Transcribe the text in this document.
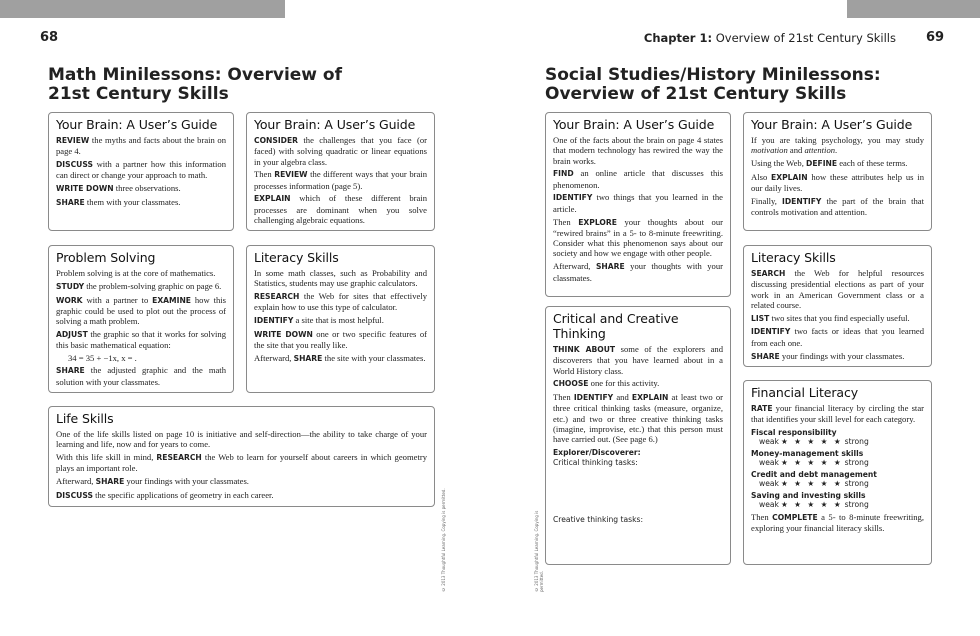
68
Math Minilessons: Overview of
21st Century Skills
Your Brain: A User’s Guide

REVIEW the myths and facts about the brain on page 4.

DISCUSS with a partner how this information can direct or change your approach to math.

WRITE DOWN three observations.

SHARE them with your classmates.

Your Brain: A User’s Guide

CONSIDER the challenges that you face (or faced) with solving quadratic or linear equations in your algebra class.

Then REVIEW the different ways that your brain processes information (page 5).

EXPLAIN which of these different brain processes are dominant when you solve challenging algebraic equations.

Problem Solving

Problem solving is at the core of mathematics.

STUDY the problem-solving graphic on page 6.

WORK with a partner to EXAMINE how this graphic could be used to plot out the process of solving a math problem.

ADJUST the graphic so that it works for solving this basic mathematical equation:

34 = 35 + −1x, x = .

SHARE the adjusted graphic and the math solution with your classmates.

Literacy Skills

In some math classes, such as Probability and Statistics, students may use graphic calculators.

RESEARCH the Web for sites that effectively explain how to use this type of calculator.

IDENTIFY a site that is most helpful.

WRITE DOWN one or two specific features of the site that you really like.

Afterward, SHARE the site with your classmates.

Life Skills

One of the life skills listed on page 10 is initiative and self-direction—the ability to take charge of your learning and life, now and for years to come.

With this life skill in mind, RESEARCH the Web to learn for yourself about careers in which geometry plays an important role.

Afterward, SHARE your findings with your classmates.

DISCUSS the specific applications of geometry in each career.	© 2013 Thoughtful Learning. Copying is permitted.
Chapter 1: Overview of 21st Century Skills 69
Social Studies/History Minilessons:
Overview of 21st Century Skills
Your Brain: A User’s Guide

One of the facts about the brain on page 4 states that modern technology has rewired the way the brain works.

FIND an online article that discusses this phenomenon.

IDENTIFY two things that you learned in the article.

Then EXPLORE your thoughts about our “rewired brains” in a 5- to 8-minute freewriting. Consider what this phenomenon says about our society and how we engage with other people.

Afterward, SHARE your thoughts with your classmates.

Your Brain: A User’s Guide

If you are taking psychology, you may study motivation and attention.

Using the Web, DEFINE each of these terms.

Also EXPLAIN how these attributes help us in our daily lives.

Finally, IDENTIFY the part of the brain that controls motivation and attention.

Critical and Creative Thinking

THINK ABOUT some of the explorers and discoverers that you have learned about in a World History class.

CHOOSE one for this activity.

Then IDENTIFY and EXPLAIN at least two or three critical thinking tasks (measure, organize, etc.) and two or three creative thinking tasks (imagine, improvise, etc.) that this person must have carried out. (See page 6.)

Explorer/Discoverer:
Critical thinking tasks:
Creative thinking tasks:
Literacy Skills

SEARCH the Web for helpful resources discussing presidential elections as part of your work in an American Government class or a related course.

LIST two sites that you find especially useful.

IDENTIFY two facts or ideas that you learned from each one.

SHARE your findings with your classmates.

Financial Literacy

RATE your financial literacy by circling the star that identifies your skill level for each category.

Fiscal responsibility
weak ★ ★ ★ ★ ★ strong
Money-management skills
weak ★ ★ ★ ★ ★ strong
Credit and debt management
weak ★ ★ ★ ★ ★ strong
Saving and investing skills
weak ★ ★ ★ ★ ★ strong

Then COMPLETE a 5- to 8-minute freewriting, exploring your financial literacy skills.

© 2013 Thoughtful Learning. Copying is permitted.
